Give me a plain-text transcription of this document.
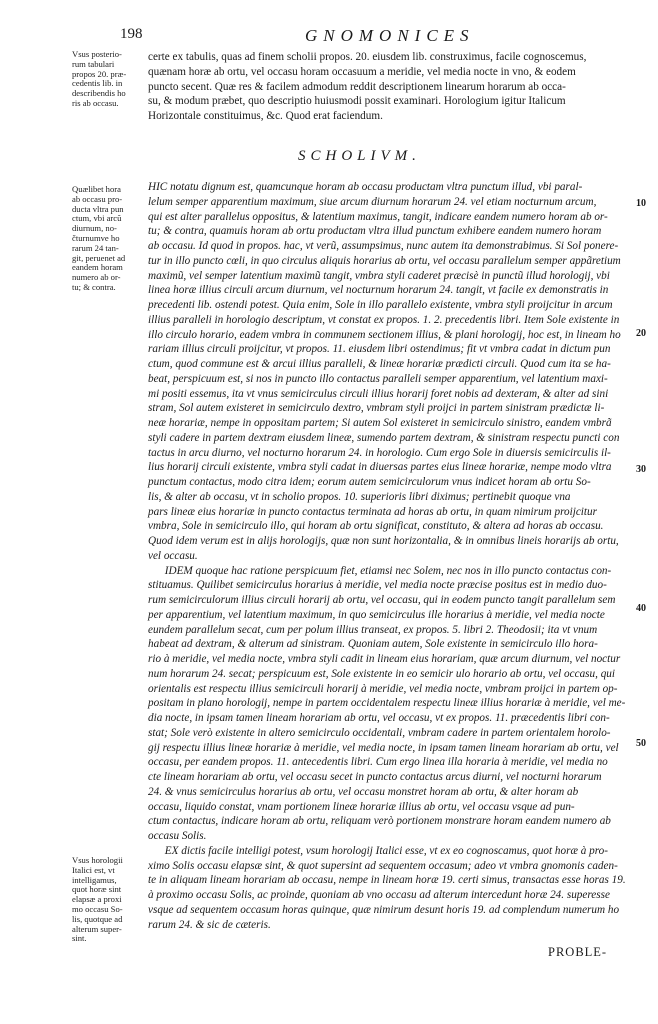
198	GNOMONICES
Vsus posterio-
rum tabulari
propos 20. præ-
cedentis lib. in
describendis ho
ris ab occasu.
certe ex tabulis, quas ad finem scholii propos. 20. eiusdem lib. construximus, facile cognoscemus,
quænam horæ ab ortu, vel occasu horam occasuum a meridie, vel media nocte in vno, & eodem
puncto secent. Quæ res & facilem admodum reddit descriptionem linearum horarum ab occa-
su, & modum præbet, quo descriptio huiusmodi possit examinari. Horologium igitur Italicum
Horizontale constituimus, &c. Quod erat faciendum.
SCHOLIVM.
Quælibet hora
ab occasu pro-
ducta vltra pun
ctum, vbi arcũ
diurnum, no-
čturnumve ho
rarum 24 tan-
git, peruenet ad
eandem horam
numero ab or-
tu; & contra.
HIC notatu dignum est, quamcunque horam ab occasu productam vltra punctum illud, vbi paral-
lelum semper apparentium maximum, siue arcum diurnum horarum 24. vel etiam nocturnum arcum,
qui est alter parallelus oppositus, & latentium maximus, tangit, indicare eandem numero horam ab or-
tu; & contra, quamuis horam ab ortu productam vltra illud punctum exhibere eandem numero horam
ab occasu. Id quod in propos. hac, vt verũ, assumpsimus, nunc autem ita demonstrabimus. Si Sol ponere-
tur in illo puncto cœli, in quo circulus aliquis horarius ab ortu, vel occasu parallelum semper appãretium
maximũ, vel semper latentium maximũ tangit, vmbra styli caderet præcisè in punctũ illud horologij, vbi
linea horæ illius circuli arcum diurnum, vel nocturnum horarum 24. tangit, vt facile ex demonstratis in
precedenti lib. ostendi potest. Quia enim, Sole in illo parallelo existente, vmbra styli proijcitur in arcum
illius paralleli in horologio descriptum, vt constat ex propos. 1. 2. precedentis libri. Item Sole existente in
illo circulo horario, eadem vmbra in communem sectionem illius, & plani horologij, hoc est, in lineam ho
rariam illius circuli proijcitur, vt propos. 11. eiusdem libri ostendimus; fit vt vmbra cadat in dictum pun
ctum, quod commune est & arcui illius paralleli, & lineæ horariæ prædicti circuli. Quod cum ita se ha-
beat, perspicuum est, si nos in puncto illo contactus paralleli semper apparentium, vel latentium maxi-
mi positi essemus, ita vt vnus semicirculus circuli illius horarij foret nobis ad dexteram, & alter ad sini
stram, Sol autem existeret in semicirculo dextro, vmbram styli proijci in partem sinistram prædictæ li-
neæ horariæ, nempe in oppositam partem; Si autem Sol existeret in semicirculo sinistro, eandem vmbrã
styli cadere in partem dextram eiusdem lineæ, sumendo partem dextram, & sinistram respectu puncti con
tactus in arcu diurno, vel nocturno horarum 24. in horologio. Cum ergo Sole in diuersis semicirculis il-
lius horarij circuli existente, vmbra styli cadat in diuersas partes eius lineæ horariæ, nempe modo vltra
punctum contactus, modo citra idem; eorum autem semicirculorum vnus indicet horam ab ortu So-
lis, & alter ab occasu, vt in scholio propos. 10. superioris libri diximus; pertinebit quoque vna
pars lineæ eius horariæ in puncto contactus terminata ad horas ab ortu, in quam nimirum proijcitur
vmbra, Sole in semicirculo illo, qui horam ab ortu significat, constituto, & altera ad horas ab occasu.
Quod idem verum est in alijs horologijs, quæ non sunt horizontalia, & in omnibus lineis horarijs ab ortu,
vel occasu.
IDEM quoque hac ratione perspicuum fiet, etiamsi nec Solem, nec nos in illo puncto contactus con-
stituamus. Quilibet semicirculus horarius à meridie, vel media nocte præcise positus est in medio duo-
rum semicirculorum illius circuli horarij ab ortu, vel occasu, qui in eodem puncto tangit parallelum sem
per apparentium, vel latentium maximum, in quo semicirculus ille horarius à meridie, vel media nocte
eundem parallelum secat, cum per polum illius transeat, ex propos. 5. libri 2. Theodosii; ita vt vnum
habeat ad dextram, & alterum ad sinistram. Quoniam autem, Sole existente in semicirculo illo hora-
rio à meridie, vel media nocte, vmbra styli cadit in lineam eius horariam, quæ arcum diurnum, vel noctur
num horarum 24. secat; perspicuum est, Sole existente in eo semicir ulo horario ab ortu, vel occasu, qui
orientalis est respectu illius semicirculi horarij à meridie, vel media nocte, vmbram proijci in partem op-
positam in plano horologij, nempe in partem occidentalem respectu lineæ illius horariæ à meridie, vel me-
dia nocte, in ipsam tamen lineam horariam ab ortu, vel occasu, vt ex propos. 11. præcedentis libri con-
stat; Sole verò existente in altero semicirculo occidentali, vmbram cadere in partem orientalem horolo-
gij respectu illius lineæ horariæ à meridie, vel media nocte, in ipsam tamen lineam horariam ab ortu, vel
occasu, per eandem propos. 11. antecedentis libri. Cum ergo linea illa horaria à meridie, vel media no
cte lineam horariam ab ortu, vel occasu secet in puncto contactus arcus diurni, vel nocturni horarum
24. & vnus semicirculus horarius ab ortu, vel occasu monstret horam ab ortu, & alter horam ab
occasu, liquido constat, vnam portionem lineæ horariæ illius ab ortu, vel occasu vsque ad pun-
ctum contactus, indicare horam ab ortu, reliquam verò portionem monstrare horam eandem numero ab
occasu Solis.
EX dictis facile intelligi potest, vsum horologij Italici esse, vt ex eo cognoscamus, quot horæ à pro-
ximo Solis occasu elapsæ sint, & quot supersint ad sequentem occasum; adeo vt vmbra gnomonis caden-
te in aliquam lineam horariam ab occasu, nempe in lineam horæ 19. certi simus, transactas esse horas 19.
à proximo occasu Solis, ac proinde, quoniam ab vno occasu ad alterum intercedunt horæ 24. superesse
vsque ad sequentem occasum horas quinque, quæ nimirum desunt horis 19. ad complendum numerum ho
rarum 24. & sic de cæteris.
Vsus horologii
Italici est, vt
intelligamus,
quot horæ sint
elapsæ a proxi
mo occasu So-
lis, quotque ad
alterum super-
sint.
10
20
30
40
50
PROBLE-
